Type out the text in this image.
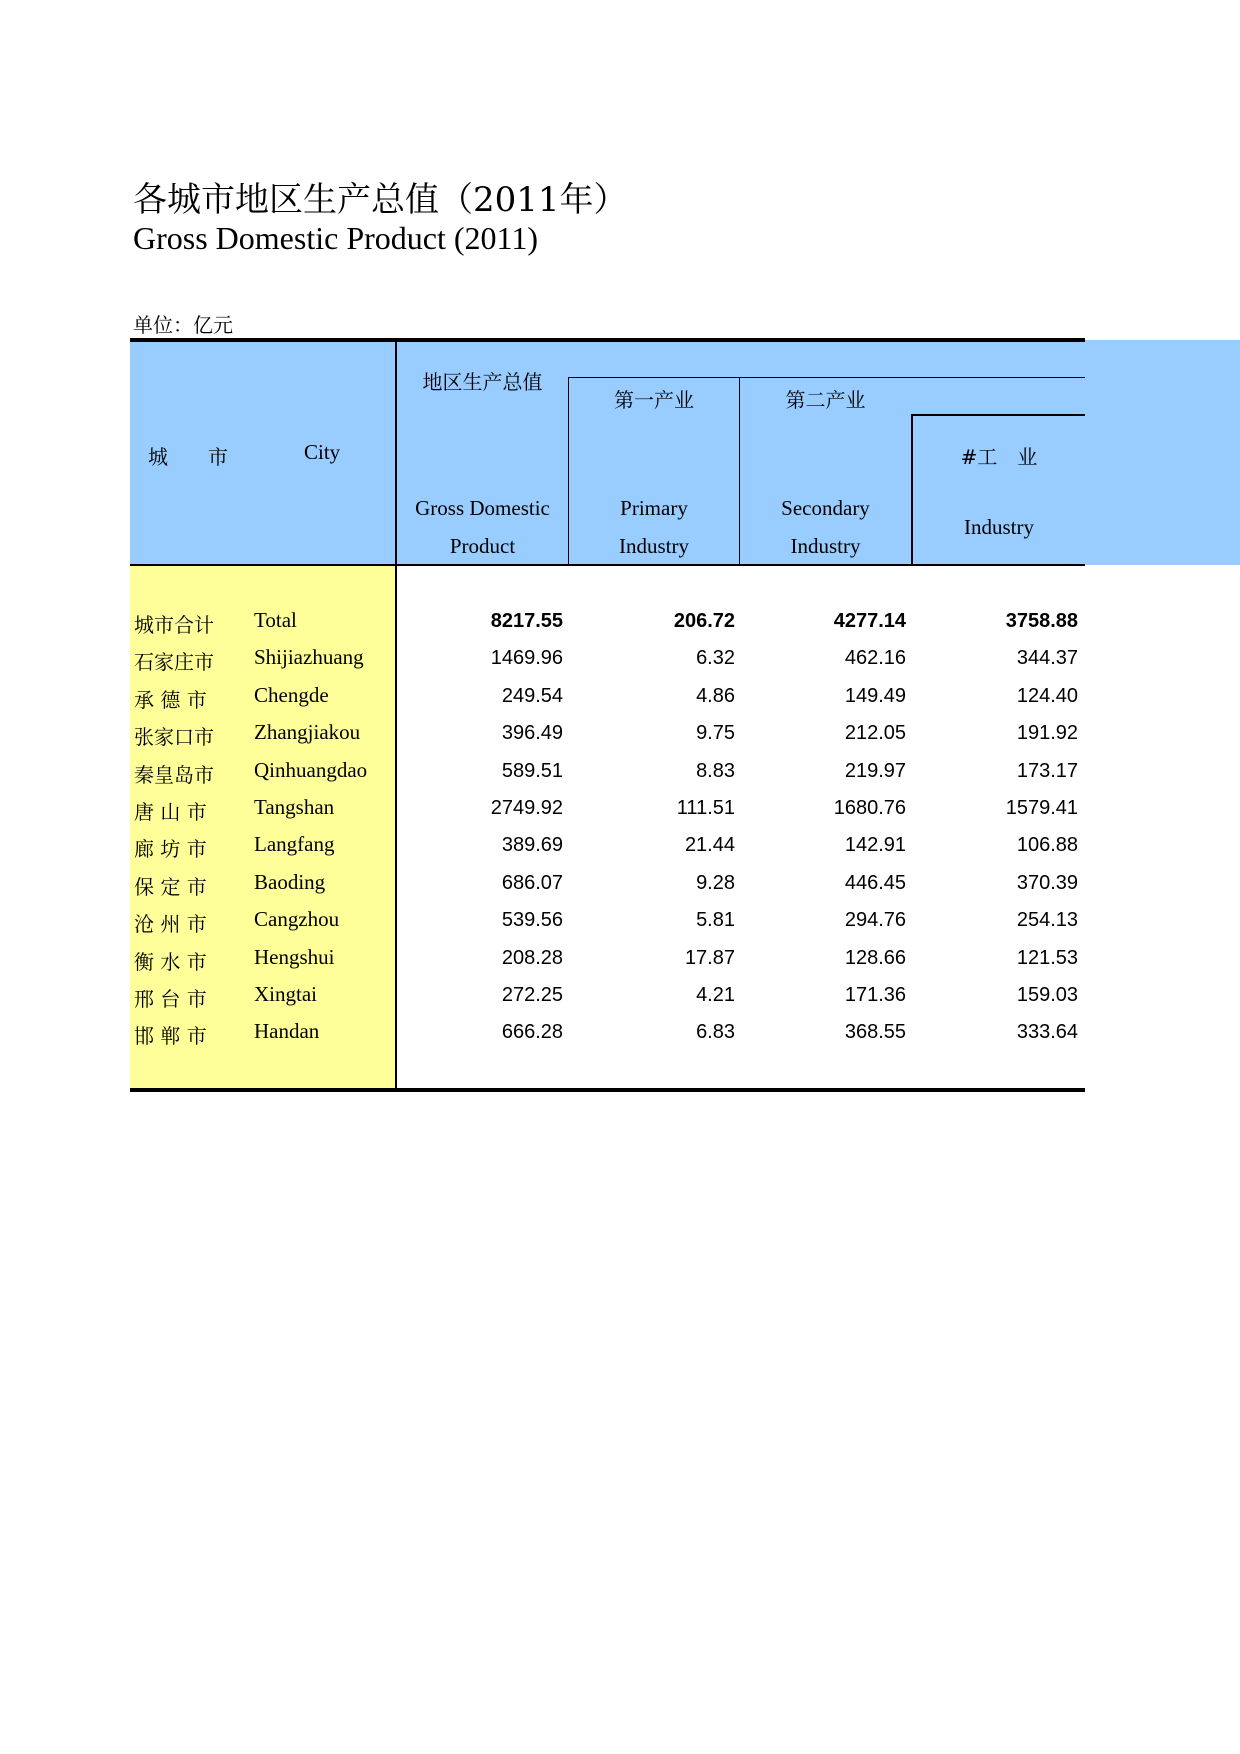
各城市地区生产总值（2011年）
Gross Domestic Product (2011)
单位：亿元
城　　市	City
地区生产总值
Gross Domestic
Product
第一产业
Primary
Industry
第二产业
Secondary
Industry
#工　业
Industry
城市合计 Total	8217.55	206.72	4277.14	3758.88
石家庄市 Shijiazhuang	1469.96	6.32	462.16	344.37
承 德 市 Chengde	249.54	4.86	149.49	124.40
张家口市 Zhangjiakou	396.49	9.75	212.05	191.92
秦皇岛市 Qinhuangdao	589.51	8.83	219.97	173.17
唐 山 市 Tangshan	2749.92	111.51	1680.76	1579.41
廊 坊 市 Langfang	389.69	21.44	142.91	106.88
保 定 市 Baoding	686.07	9.28	446.45	370.39
沧 州 市 Cangzhou	539.56	5.81	294.76	254.13
衡 水 市 Hengshui	208.28	17.87	128.66	121.53
邢 台 市 Xingtai	272.25	4.21	171.36	159.03
邯 郸 市 Handan	666.28	6.83	368.55	333.64
